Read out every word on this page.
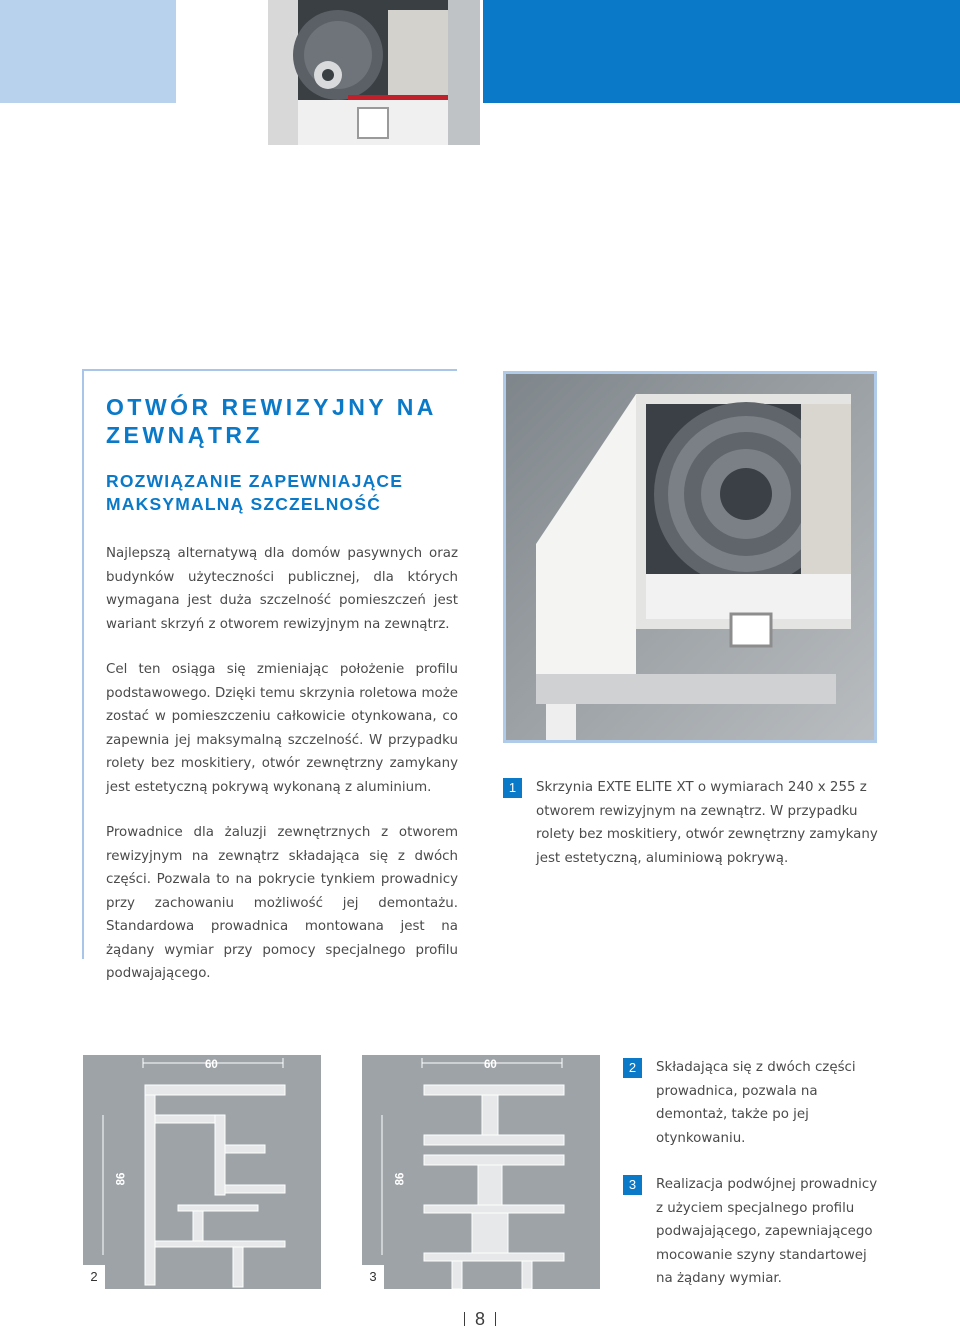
OTWÓR REWIZYJNY NA ZEWNĄTRZ
ROZWIĄZANIE ZAPEWNIAJĄCE MAKSYMALNĄ SZCZELNOŚĆ

Najlepszą alternatywą dla domów pasywnych oraz budynków użyteczności publicznej, dla których wymagana jest duża szczelność pomieszczeń jest wariant skrzyń z otworem rewizyjnym na zewnątrz.

Cel ten osiąga się zmieniając położenie profilu podstawowego. Dzięki temu skrzynia roletowa może zostać w pomieszczeniu całkowicie otynkowana, co zapewnia jej maksymalną szczelność. W przypadku rolety bez moskitiery, otwór zewnętrzny zamykany jest estetyczną pokrywą wykonaną z aluminium.

Prowadnice dla żaluzji zewnętrznych z otworem rewizyjnym na zewnątrz składająca się z dwóch części. Pozwala to na pokrycie tynkiem prowadnicy przy zachowaniu możliwość jej demontażu. Standardowa prowadnica montowana jest na żądany wymiar przy pomocy specjalnego profilu podwajającego.

1	Skrzynia EXTE ELITE XT o wymiarach 240 x 255 z otworem rewizyjnym na zewnątrz. W przypadku rolety bez moskitiery, otwór zewnętrzny zamykany jest estetyczną, aluminiową pokrywą.

60
86
2
60
86
3
2	Składająca się z dwóch części prowadnica, pozwala na demontaż, także po jej otynkowaniu.

3	Realizacja podwójnej prowadnicy z użyciem specjalnego profilu podwajającego, zapewniającego mocowanie szyny standartowej na żądany wymiar.

8
